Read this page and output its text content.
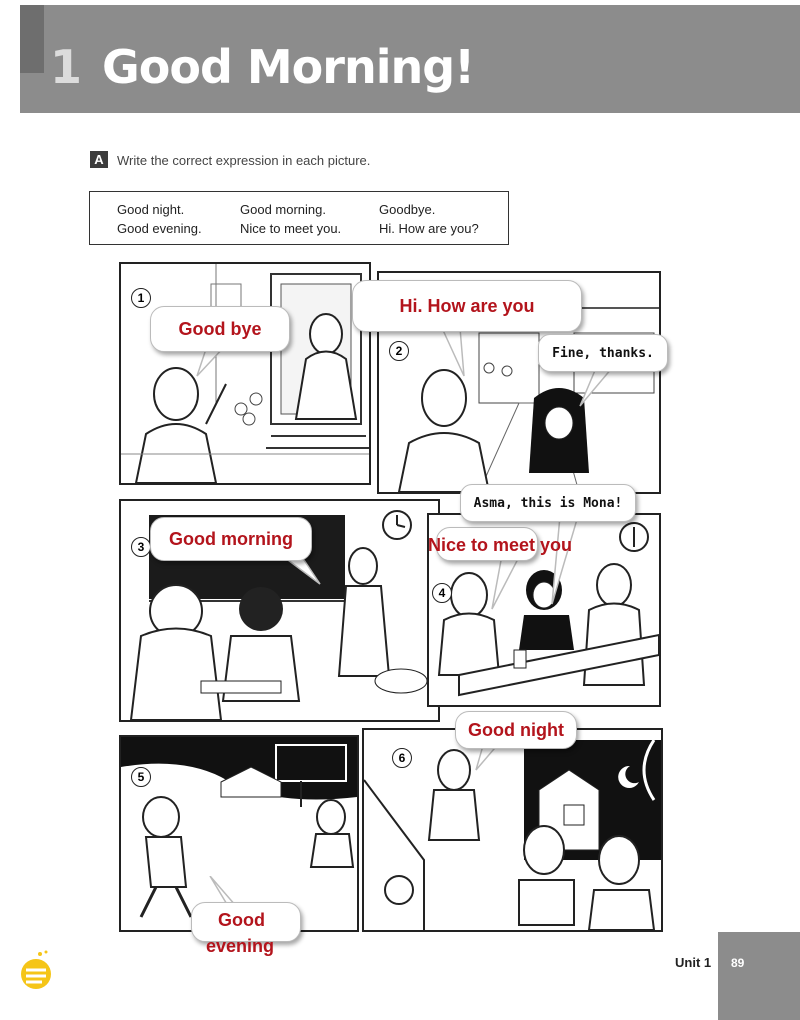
1 Good Morning!
A	Write the correct expression in each picture.
Good night.	Good morning.	Goodbye.
Good evening.	Nice to meet you.	Hi. How are you?
1
Good bye
2
Hi. How are you
Fine, thanks.
3	Good morning
4
Nice to meet you
Asma, this is Mona!
5
Good
evening
6
Good night
Unit 1 89
